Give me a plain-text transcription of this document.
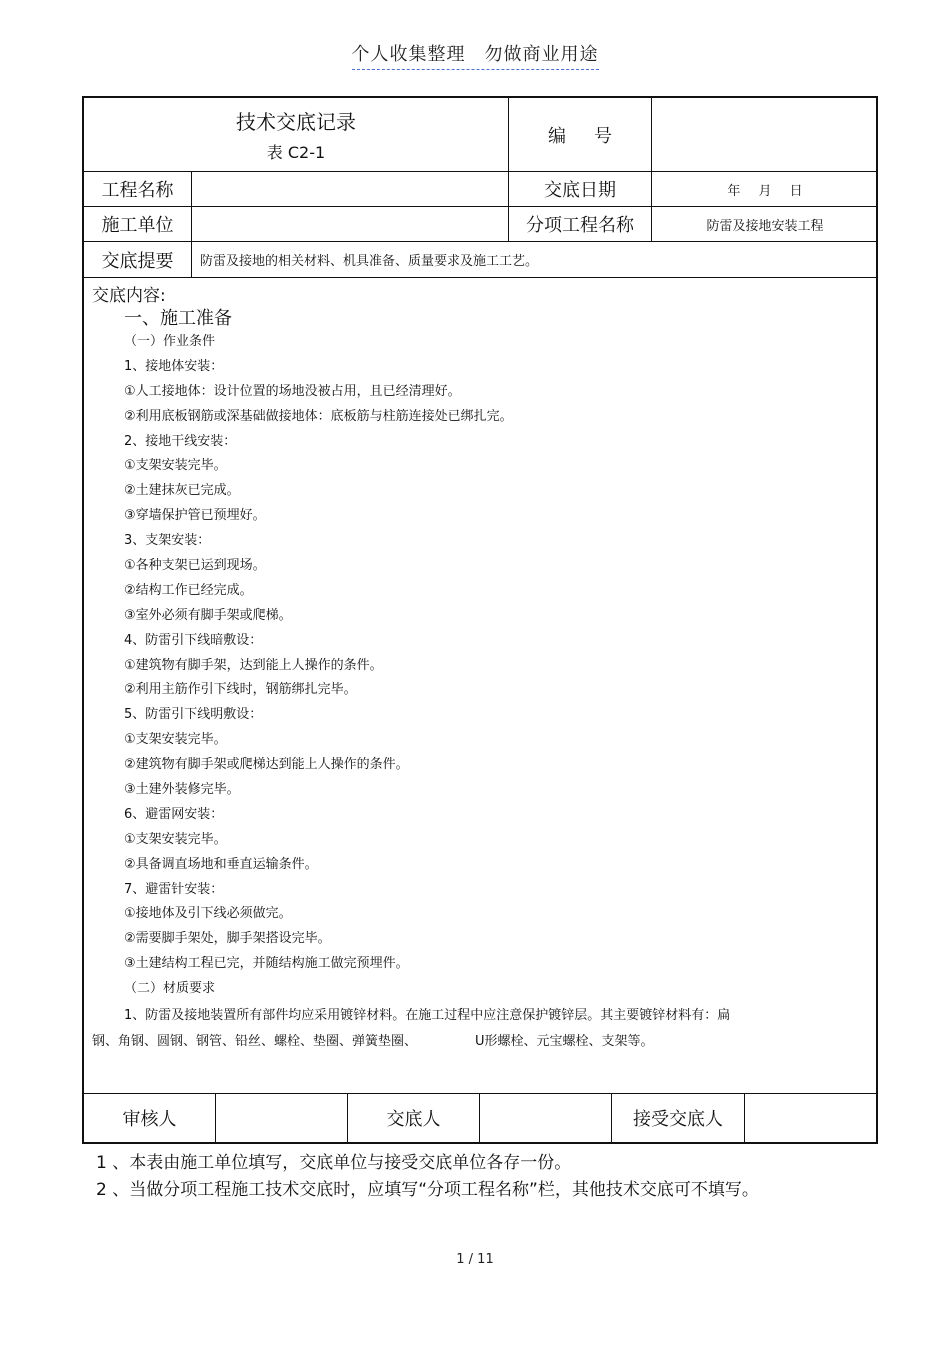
个人收集整理　勿做商业用途
技术交底记录
表 C2-1
编号
工程名称	交底日期	年 月 日
施工单位	分项工程名称	防雷及接地安装工程
交底提要	防雷及接地的相关材料、机具准备、质量要求及施工工艺。
交底内容:
一、施工准备
（一）作业条件
1、接地体安装：
①人工接地体：设计位置的场地没被占用，且已经清理好。
②利用底板钢筋或深基础做接地体：底板筋与柱筋连接处已绑扎完。
2、接地干线安装：
①支架安装完毕。
②土建抹灰已完成。
③穿墙保护管已预埋好。
3、支架安装：
①各种支架已运到现场。
②结构工作已经完成。
③室外必须有脚手架或爬梯。
4、防雷引下线暗敷设：
①建筑物有脚手架，达到能上人操作的条件。
②利用主筋作引下线时，钢筋绑扎完毕。
5、防雷引下线明敷设：
①支架安装完毕。
②建筑物有脚手架或爬梯达到能上人操作的条件。
③土建外装修完毕。
6、避雷网安装：
①支架安装完毕。
②具备调直场地和垂直运输条件。
7、避雷针安装：
①接地体及引下线必须做完。
②需要脚手架处，脚手架搭设完毕。
③土建结构工程已完，并随结构施工做完预埋件。
（二）材质要求
1、防雷及接地装置所有部件均应采用镀锌材料。在施工过程中应注意保护镀锌层。其主要镀锌材料有：扁
钢、角钢、圆钢、钢管、铅丝、螺栓、垫圈、弹簧垫圈、	U形螺栓、元宝螺栓、支架等。
审核人	交底人	接受交底人
1 、本表由施工单位填写，交底单位与接受交底单位各存一份。
2 、当做分项工程施工技术交底时，应填写“分项工程名称”栏，其他技术交底可不填写。
1 / 11
